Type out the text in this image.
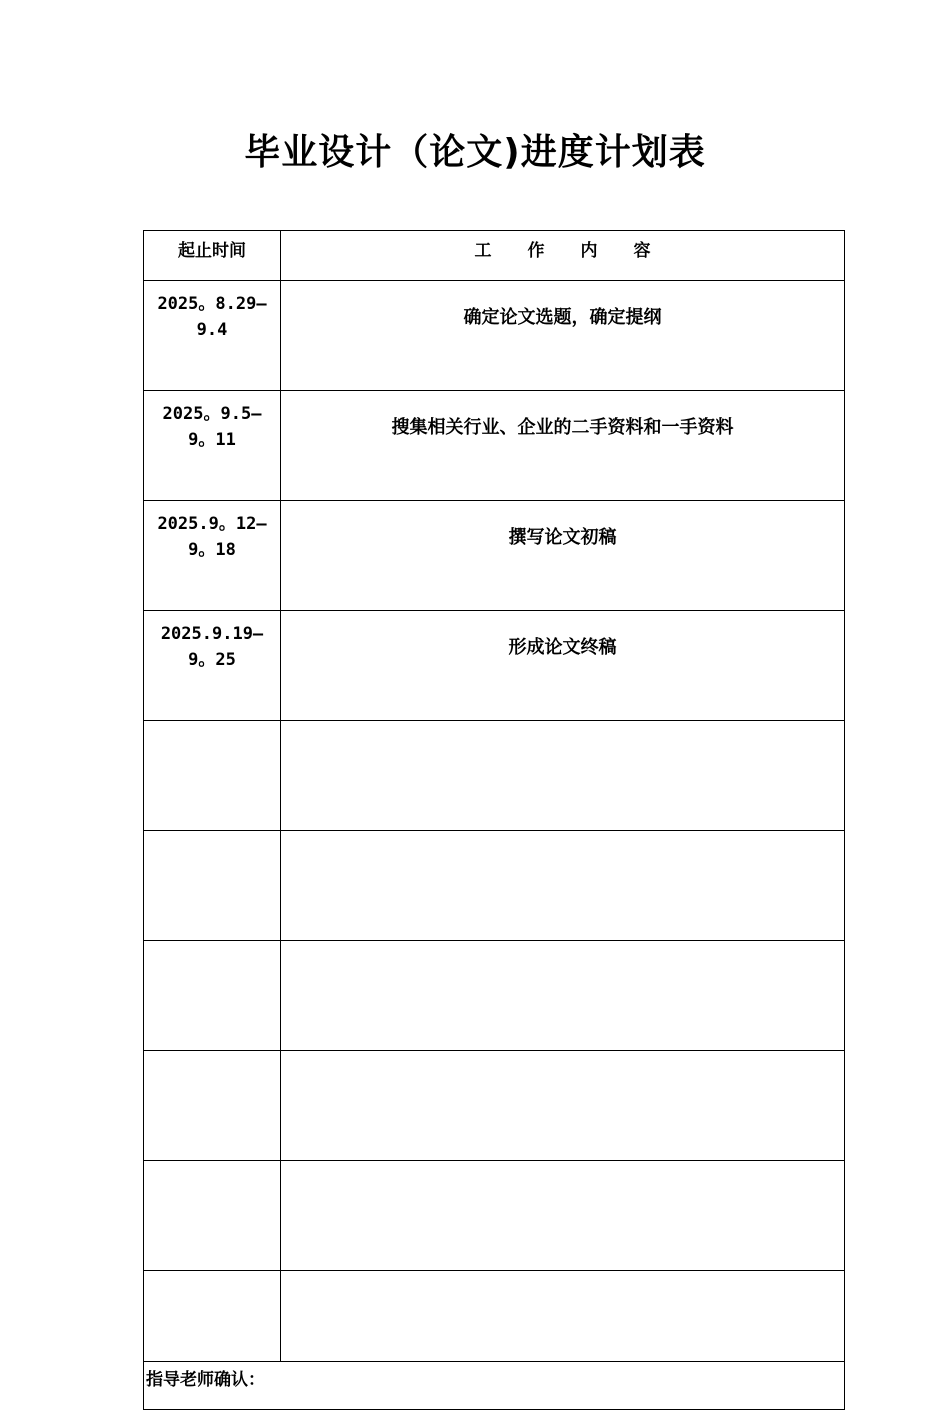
毕业设计（论文)进度计划表
起止时间	工 作 内 容

2025。8.29—
9.4	确定论文选题，确定提纲

2025。9.5—
9。11	搜集相关行业、企业的二手资料和一手资料

2025.9。12—
9。18	撰写论文初稿

2025.9.19—
9。25	形成论文终稿

指导老师确认：	
